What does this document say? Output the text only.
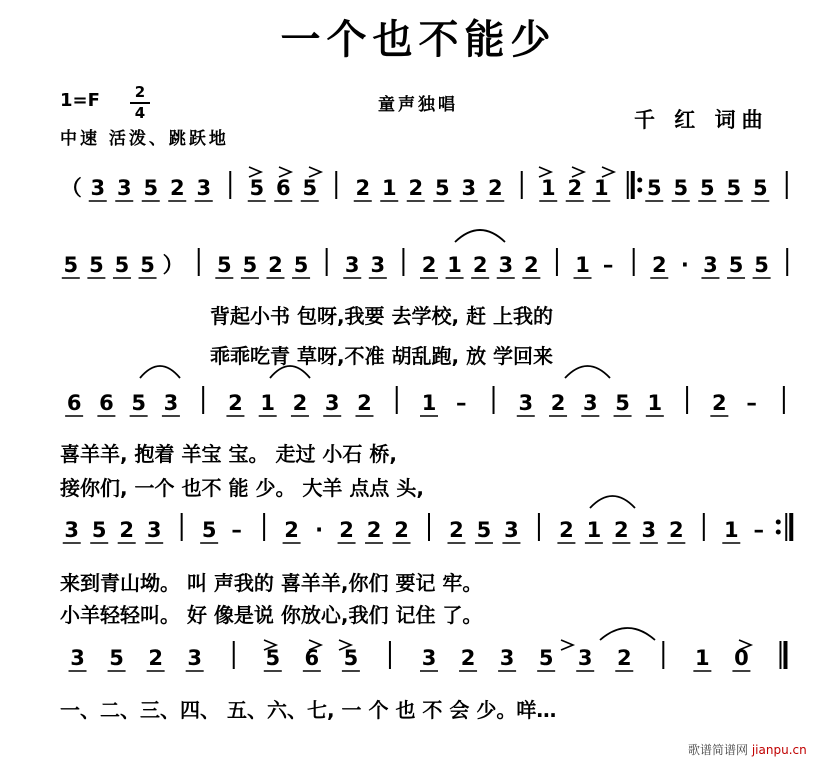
一个也不能少
童声独唱
1=F	2
4
中速 活泼、跳跃地
千 红 词曲
（ 3 3 5 2 3 5 6 5 2 1 2 5 3 2 1 2 1 5 5 5 5 5
5 5 5 5 ） 5 5 2 5 3 3 2 1 2 3 2 1 – 2 · 3 5 5
6 6 5 3 2 1 2 3 2 1 – 3 2 3 5 1 2 –
3 5 2 3 5 – 2 · 2 2 2 2 5 3 2 1 2 3 2 1 –
3 5 2 3	5 6 5	3 2 3 5 3 2	1 0
背起小书 包呀,我要 去学校, 赶 上我的
乖乖吃青 草呀,不准 胡乱跑, 放 学回来
喜羊羊, 抱着 羊宝 宝。 走过 小石 桥,
接你们, 一个 也不 能 少。 大羊 点点 头,
来到青山坳。 叫 声我的 喜羊羊,你们 要记 牢。
小羊轻轻叫。 好 像是说 你放心,我们 记住 了。
一、二、三、四、 五、六、七, 一 个 也 不 会 少。咩…
歌谱简谱网 jianpu.cn
